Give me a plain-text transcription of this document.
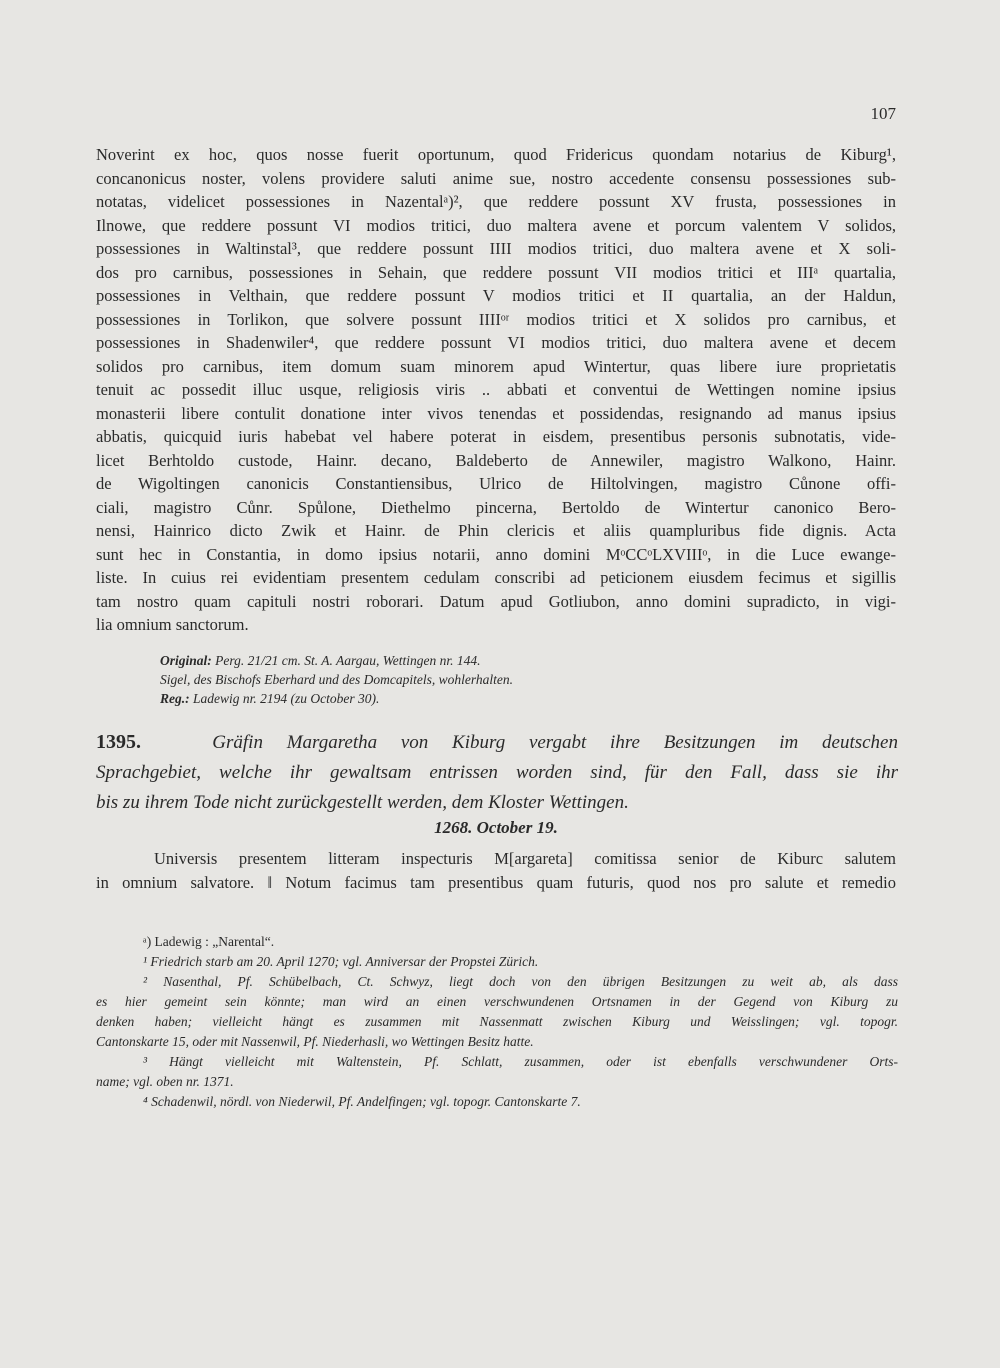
107
Noverint ex hoc, quos nosse fuerit oportunum, quod Fridericus quondam notarius de Kiburg¹,
concanonicus noster, volens providere saluti anime sue, nostro accedente consensu possessiones sub-
notatas, videlicet possessiones in Nazentalᵃ)², que reddere possunt XV frusta, possessiones in
Ilnowe, que reddere possunt VI modios tritici, duo maltera avene et porcum valentem V solidos,
possessiones in Waltinstal³, que reddere possunt IIII modios tritici, duo maltera avene et X soli-
dos pro carnibus, possessiones in Sehain, que reddere possunt VII modios tritici et IIIᵃ quartalia,
possessiones in Velthain, que reddere possunt V modios tritici et II quartalia, an der Haldun,
possessiones in Torlikon, que solvere possunt IIIIᵒʳ modios tritici et X solidos pro carnibus, et
possessiones in Shadenwiler⁴, que reddere possunt VI modios tritici, duo maltera avene et decem
solidos pro carnibus, item domum suam minorem apud Wintertur, quas libere iure proprietatis
tenuit ac possedit illuc usque, religiosis viris .. abbati et conventui de Wettingen nomine ipsius
monasterii libere contulit donatione inter vivos tenendas et possidendas, resignando ad manus ipsius
abbatis, quicquid iuris habebat vel habere poterat in eisdem, presentibus personis subnotatis, vide-
licet Berhtoldo custode, Hainr. decano, Baldeberto de Annewiler, magistro Walkono, Hainr.
de Wigoltingen canonicis Constantiensibus, Ulrico de Hiltolvingen, magistro Cůnone offi-
ciali, magistro Cůnr. Spůlone, Diethelmo pincerna, Bertoldo de Wintertur canonico Bero-
nensi, Hainrico dicto Zwik et Hainr. de Phin clericis et aliis quampluribus fide dignis. Acta
sunt hec in Constantia, in domo ipsius notarii, anno domini MᵒCCᵒLXVIIIᵒ, in die Luce ewange-
liste. In cuius rei evidentiam presentem cedulam conscribi ad peticionem eiusdem fecimus et sigillis
tam nostro quam capituli nostri roborari. Datum apud Gotliubon, anno domini supradicto, in vigi-
lia omnium sanctorum.
Original: Perg. 21/21 cm. St. A. Aargau, Wettingen nr. 144.
Sigel, des Bischofs Eberhard und des Domcapitels, wohlerhalten.
Reg.: Ladewig nr. 2194 (zu October 30).
1395.	Gräfin Margaretha von Kiburg vergabt ihre Besitzungen im deutschen
Sprachgebiet, welche ihr gewaltsam entrissen worden sind, für den Fall, dass sie ihr
bis zu ihrem Tode nicht zurückgestellt werden, dem Kloster Wettingen.
1268. October 19.
Universis presentem litteram inspecturis M[argareta] comitissa senior de Kiburc salutem
in omnium salvatore. ‖ Notum facimus tam presentibus quam futuris, quod nos pro salute et remedio
ᵃ) Ladewig : „Narental“.
¹ Friedrich starb am 20. April 1270; vgl. Anniversar der Propstei Zürich.
² Nasenthal, Pf. Schübelbach, Ct. Schwyz, liegt doch von den übrigen Besitzungen zu weit ab, als dass
es hier gemeint sein könnte; man wird an einen verschwundenen Ortsnamen in der Gegend von Kiburg zu
denken haben; vielleicht hängt es zusammen mit Nassenmatt zwischen Kiburg und Weisslingen; vgl. topogr.
Cantonskarte 15, oder mit Nassenwil, Pf. Niederhasli, wo Wettingen Besitz hatte.
³ Hängt vielleicht mit Waltenstein, Pf. Schlatt, zusammen, oder ist ebenfalls verschwundener Orts-
name; vgl. oben nr. 1371.
⁴ Schadenwil, nördl. von Niederwil, Pf. Andelfingen; vgl. topogr. Cantonskarte 7.
